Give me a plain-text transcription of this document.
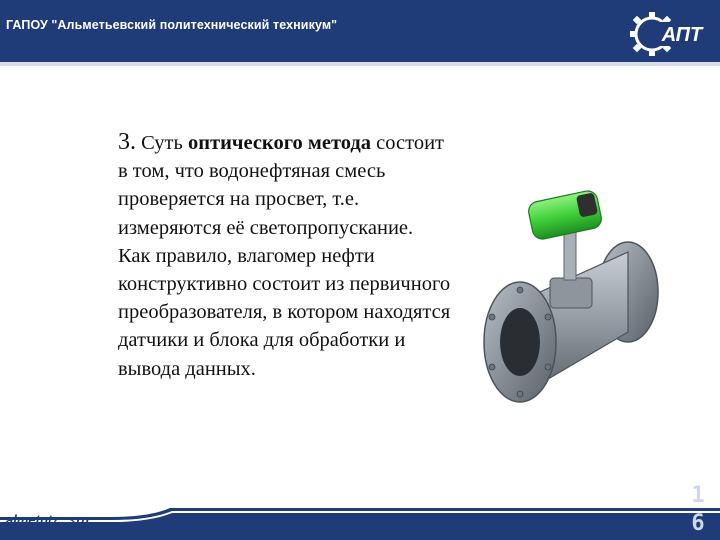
ГАПОУ "Альметьевский политехнический техникум"	АПТ

3. Суть оптического метода состоит в том, что водонефтяная смесь проверяется на просвет, т.е. измеряются её светопропускание.

Как правило, влагомер нефти конструктивно состоит из первичного преобразователя, в котором находятся датчики и блока для обработки и вывода данных.

almetpt ru
1
6
